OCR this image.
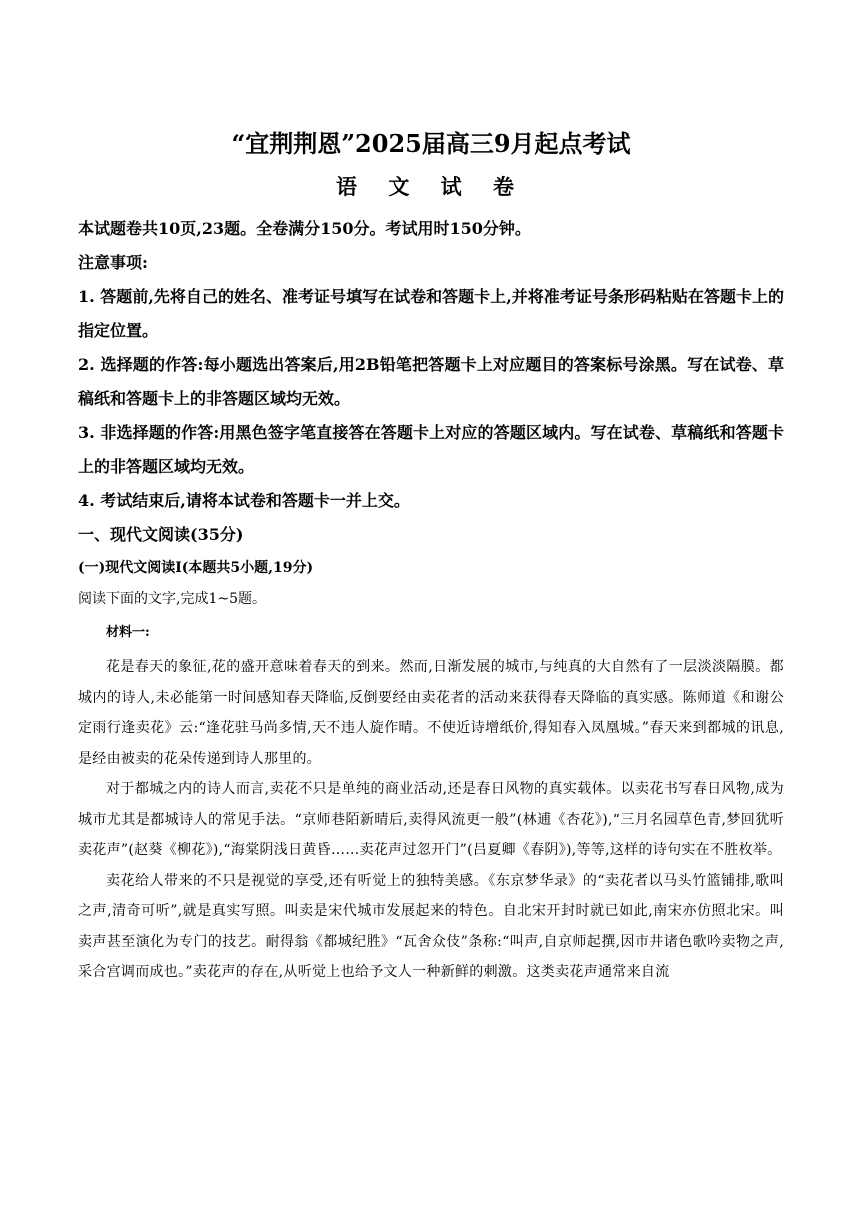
“宜荆荆恩”2025届高三9月起点考试
语 文 试 卷

本试题卷共10页,23题。全卷满分150分。考试用时150分钟。

注意事项:

1. 答题前,先将自己的姓名、准考证号填写在试卷和答题卡上,并将准考证号条形码粘贴在答题卡上的指定位置。

2. 选择题的作答:每小题选出答案后,用2B铅笔把答题卡上对应题目的答案标号涂黑。写在试卷、草稿纸和答题卡上的非答题区域均无效。

3. 非选择题的作答:用黑色签字笔直接答在答题卡上对应的答题区域内。写在试卷、草稿纸和答题卡上的非答题区域均无效。

4. 考试结束后,请将本试卷和答题卡一并上交。

一、现代文阅读(35分)

(一)现代文阅读Ⅰ(本题共5小题,19分)

阅读下面的文字,完成1~5题。

材料一:

花是春天的象征,花的盛开意味着春天的到来。然而,日渐发展的城市,与纯真的大自然有了一层淡淡隔膜。都城内的诗人,未必能第一时间感知春天降临,反倒要经由卖花者的活动来获得春天降临的真实感。陈师道《和谢公定雨行逢卖花》云:“逢花驻马尚多情,天不违人旋作晴。不使近诗增纸价,得知春入凤凰城。”春天来到都城的讯息,是经由被卖的花朵传递到诗人那里的。

对于都城之内的诗人而言,卖花不只是单纯的商业活动,还是春日风物的真实载体。以卖花书写春日风物,成为城市尤其是都城诗人的常见手法。“京师巷陌新晴后,卖得风流更一般”(林逋《杏花》),“三月名园草色青,梦回犹听卖花声”(赵葵《柳花》),“海棠阴浅日黄昏……卖花声过忽开门”(吕夏卿《春阴》),等等,这样的诗句实在不胜枚举。

卖花给人带来的不只是视觉的享受,还有听觉上的独特美感。《东京梦华录》的“卖花者以马头竹篮铺排,歌叫之声,清奇可听”,就是真实写照。叫卖是宋代城市发展起来的特色。自北宋开封时就已如此,南宋亦仿照北宋。叫卖声甚至演化为专门的技艺。耐得翁《都城纪胜》“瓦舍众伎”条称:“叫声,自京师起撰,因市井诸色歌吟卖物之声,采合宫调而成也。”卖花声的存在,从听觉上也给予文人一种新鲜的刺激。这类卖花声通常来自流
